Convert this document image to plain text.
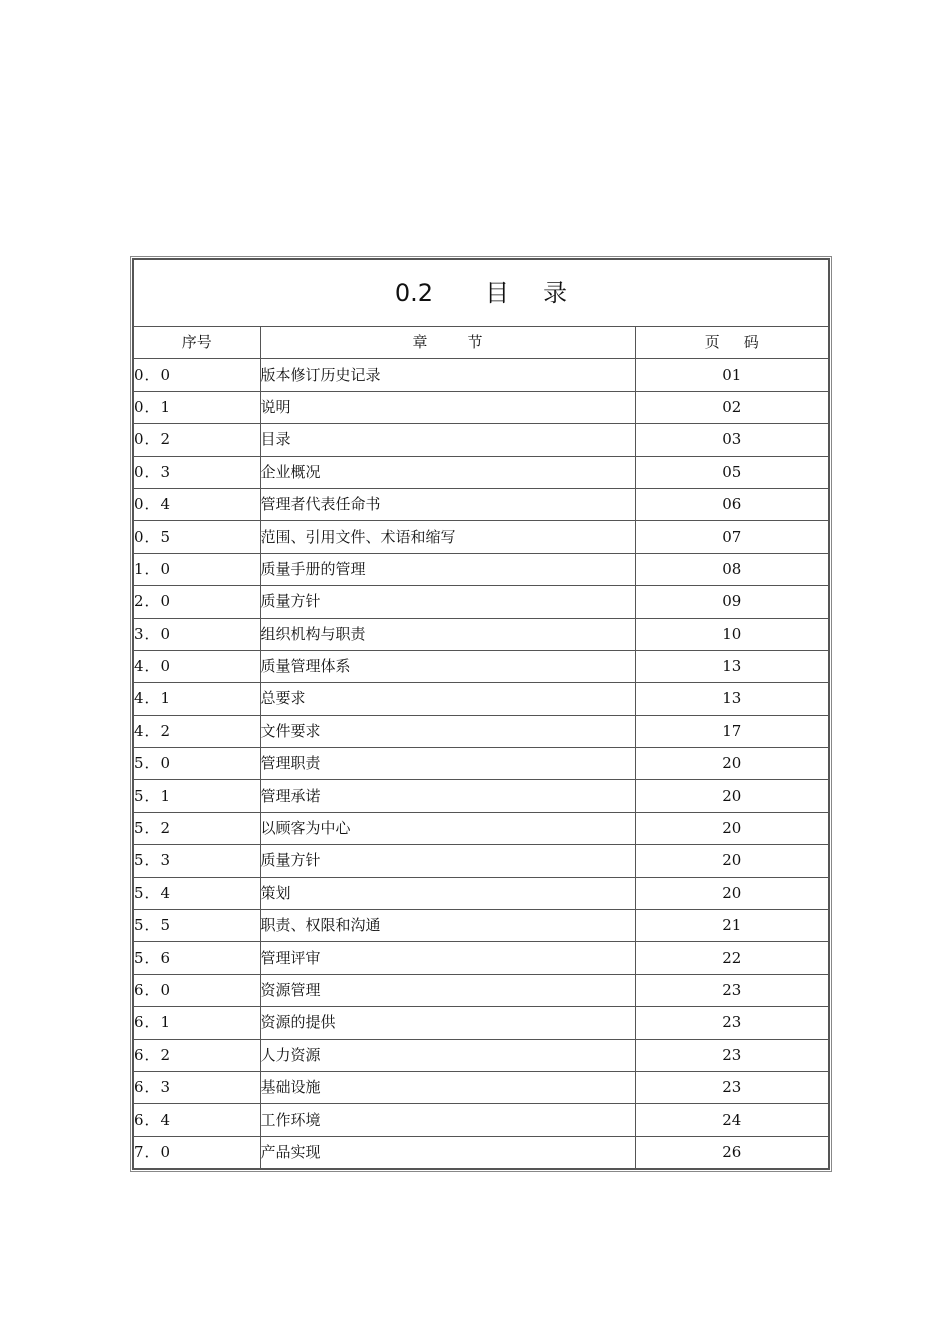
0.2 目录		
序号	章节	页码
0．0	版本修订历史记录	01
0．1	说明	02
0．2	目录	03
0．3	企业概况	05
0．4	管理者代表任命书	06
0．5	范围、引用文件、术语和缩写	07
1．0	质量手册的管理	08
2．0	质量方针	09
3．0	组织机构与职责	10
4．0	质量管理体系	13
4．1	总要求	13
4．2	文件要求	17
5．0	管理职责	20
5．1	管理承诺	20
5．2	以顾客为中心	20
5．3	质量方针	20
5．4	策划	20
5．5	职责、权限和沟通	21
5．6	管理评审	22
6．0	资源管理	23
6．1	资源的提供	23
6．2	人力资源	23
6．3	基础设施	23
6．4	工作环境	24
7．0	产品实现	26
